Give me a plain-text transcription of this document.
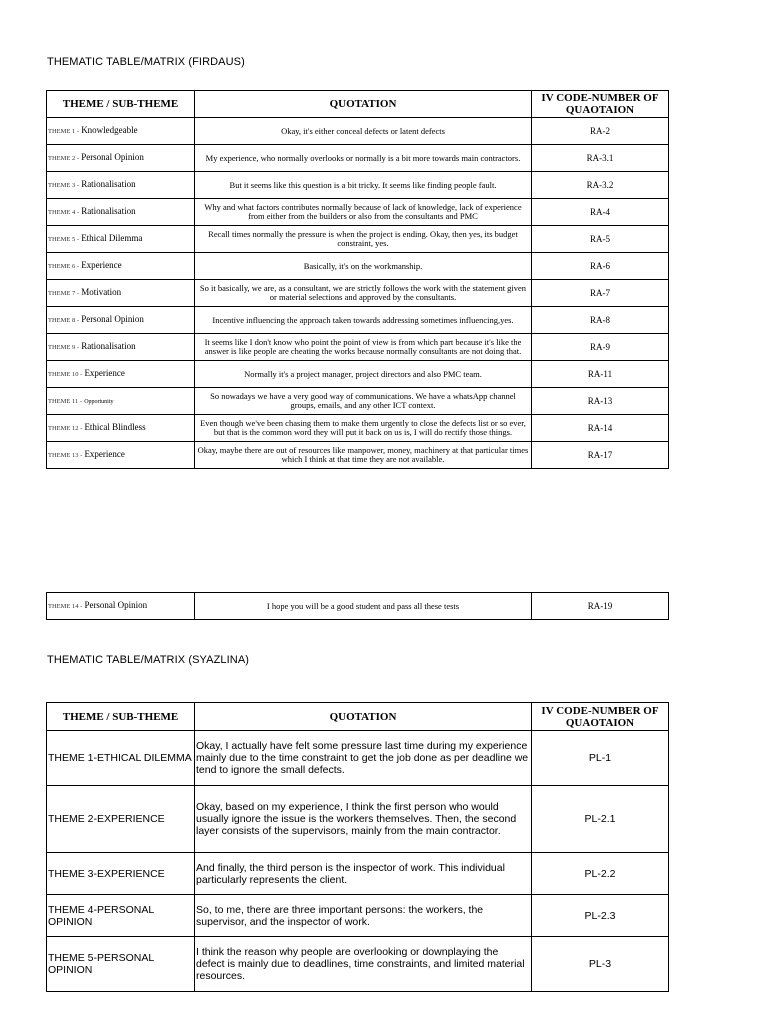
THEMATIC TABLE/MATRIX (FIRDAUS)
THEME / SUB-THEME	QUOTATION	IV CODE-NUMBER OF QUAOTAION
THEME 1 - Knowledgeable	Okay, it's either conceal defects or latent defects	RA-2
THEME 2 - Personal Opinion	My experience, who normally overlooks or normally is a bit more towards main contractors.	RA-3.1
THEME 3 - Rationalisation	But it seems like this question is a bit tricky. It seems like finding people fault.	RA-3.2
THEME 4 - Rationalisation	Why and what factors contributes normally because of lack of knowledge, lack of experience from either from the builders or also from the consultants and PMC	RA-4
THEME 5 - Ethical Dilemma	Recall times normally the pressure is when the project is ending. Okay, then yes, its budget constraint, yes.	RA-5
THEME 6 - Experience	Basically, it's on the workmanship.	RA-6
THEME 7 - Motivation	So it basically, we are, as a consultant, we are strictly follows the work with the statement given or material selections and approved by the consultants.	RA-7
THEME 8 - Personal Opinion	Incentive influencing the approach taken towards addressing sometimes influencing,yes.	RA-8
THEME 9 - Rationalisation	It seems like I don't know who point the point of view is from which part because it's like the answer is like people are cheating the works because normally consultants are not doing that.	RA-9
THEME 10 - Experience	Normally it's a project manager, project directors and also PMC team.	RA-11
THEME 11 - Opportunity	So nowadays we have a very good way of communications. We have a whatsApp channel groups, emails, and any other ICT context.	RA-13
THEME 12 - Ethical Blindless	Even though we've been chasing them to make them urgently to close the defects list or so ever, but that is the common word they will put it back on us is, I will do rectify those things.	RA-14
THEME 13 - Experience	Okay, maybe there are out of resources like manpower, money, machinery at that particular times which I think at that time they are not available.	RA-17
THEME 14 - Personal Opinion	I hope you will be a good student and pass all these tests	RA-19
THEMATIC TABLE/MATRIX (SYAZLINA)
THEME / SUB-THEME	QUOTATION	IV CODE-NUMBER OF QUAOTAION
THEME 1-ETHICAL DILEMMA	Okay, I actually have felt some pressure last time during my experience mainly due to the time constraint to get the job done as per deadline we tend to ignore the small defects.	PL-1
THEME 2-EXPERIENCE	Okay, based on my experience, I think the first person who would usually ignore the issue is the workers themselves. Then, the second layer consists of the supervisors, mainly from the main contractor.	PL-2.1
THEME 3-EXPERIENCE	And finally, the third person is the inspector of work. This individual particularly represents the client.	PL-2.2
THEME 4-PERSONAL OPINION	So, to me, there are three important persons: the workers, the supervisor, and the inspector of work.	PL-2.3
THEME 5-PERSONAL OPINION	I think the reason why people are overlooking or downplaying the defect is mainly due to deadlines, time constraints, and limited material resources.	PL-3
